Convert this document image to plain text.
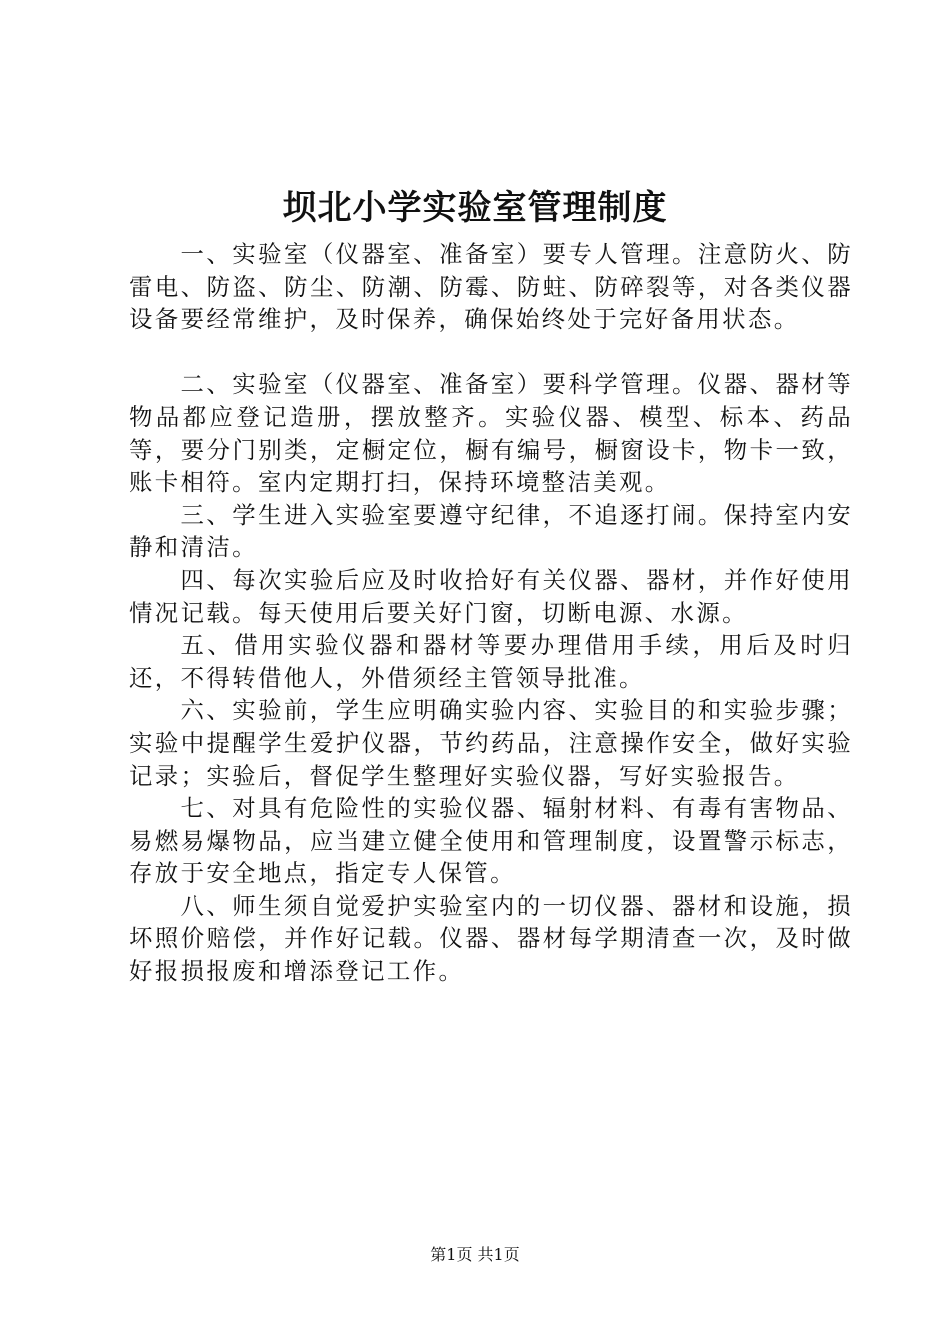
坝北小学实验室管理制度

一、实验室（仪器室、准备室）要专人管理。注意防火、防雷电、防盗、防尘、防潮、防霉、防蛀、防碎裂等，对各类仪器设备要经常维护，及时保养，确保始终处于完好备用状态。

二、实验室（仪器室、准备室）要科学管理。仪器、器材等物品都应登记造册，摆放整齐。实验仪器、模型、标本、药品等，要分门别类，定橱定位，橱有编号，橱窗设卡，物卡一致，账卡相符。室内定期打扫，保持环境整洁美观。

三、学生进入实验室要遵守纪律，不追逐打闹。保持室内安静和清洁。

四、每次实验后应及时收拾好有关仪器、器材，并作好使用情况记载。每天使用后要关好门窗，切断电源、水源。

五、借用实验仪器和器材等要办理借用手续，用后及时归还，不得转借他人，外借须经主管领导批准。

六、实验前，学生应明确实验内容、实验目的和实验步骤；实验中提醒学生爱护仪器，节约药品，注意操作安全，做好实验记录；实验后，督促学生整理好实验仪器，写好实验报告。

七、对具有危险性的实验仪器、辐射材料、有毒有害物品、易燃易爆物品，应当建立健全使用和管理制度，设置警示标志，存放于安全地点，指定专人保管。

八、师生须自觉爱护实验室内的一切仪器、器材和设施，损坏照价赔偿，并作好记载。仪器、器材每学期清查一次，及时做好报损报废和增添登记工作。

第1页 共1页
